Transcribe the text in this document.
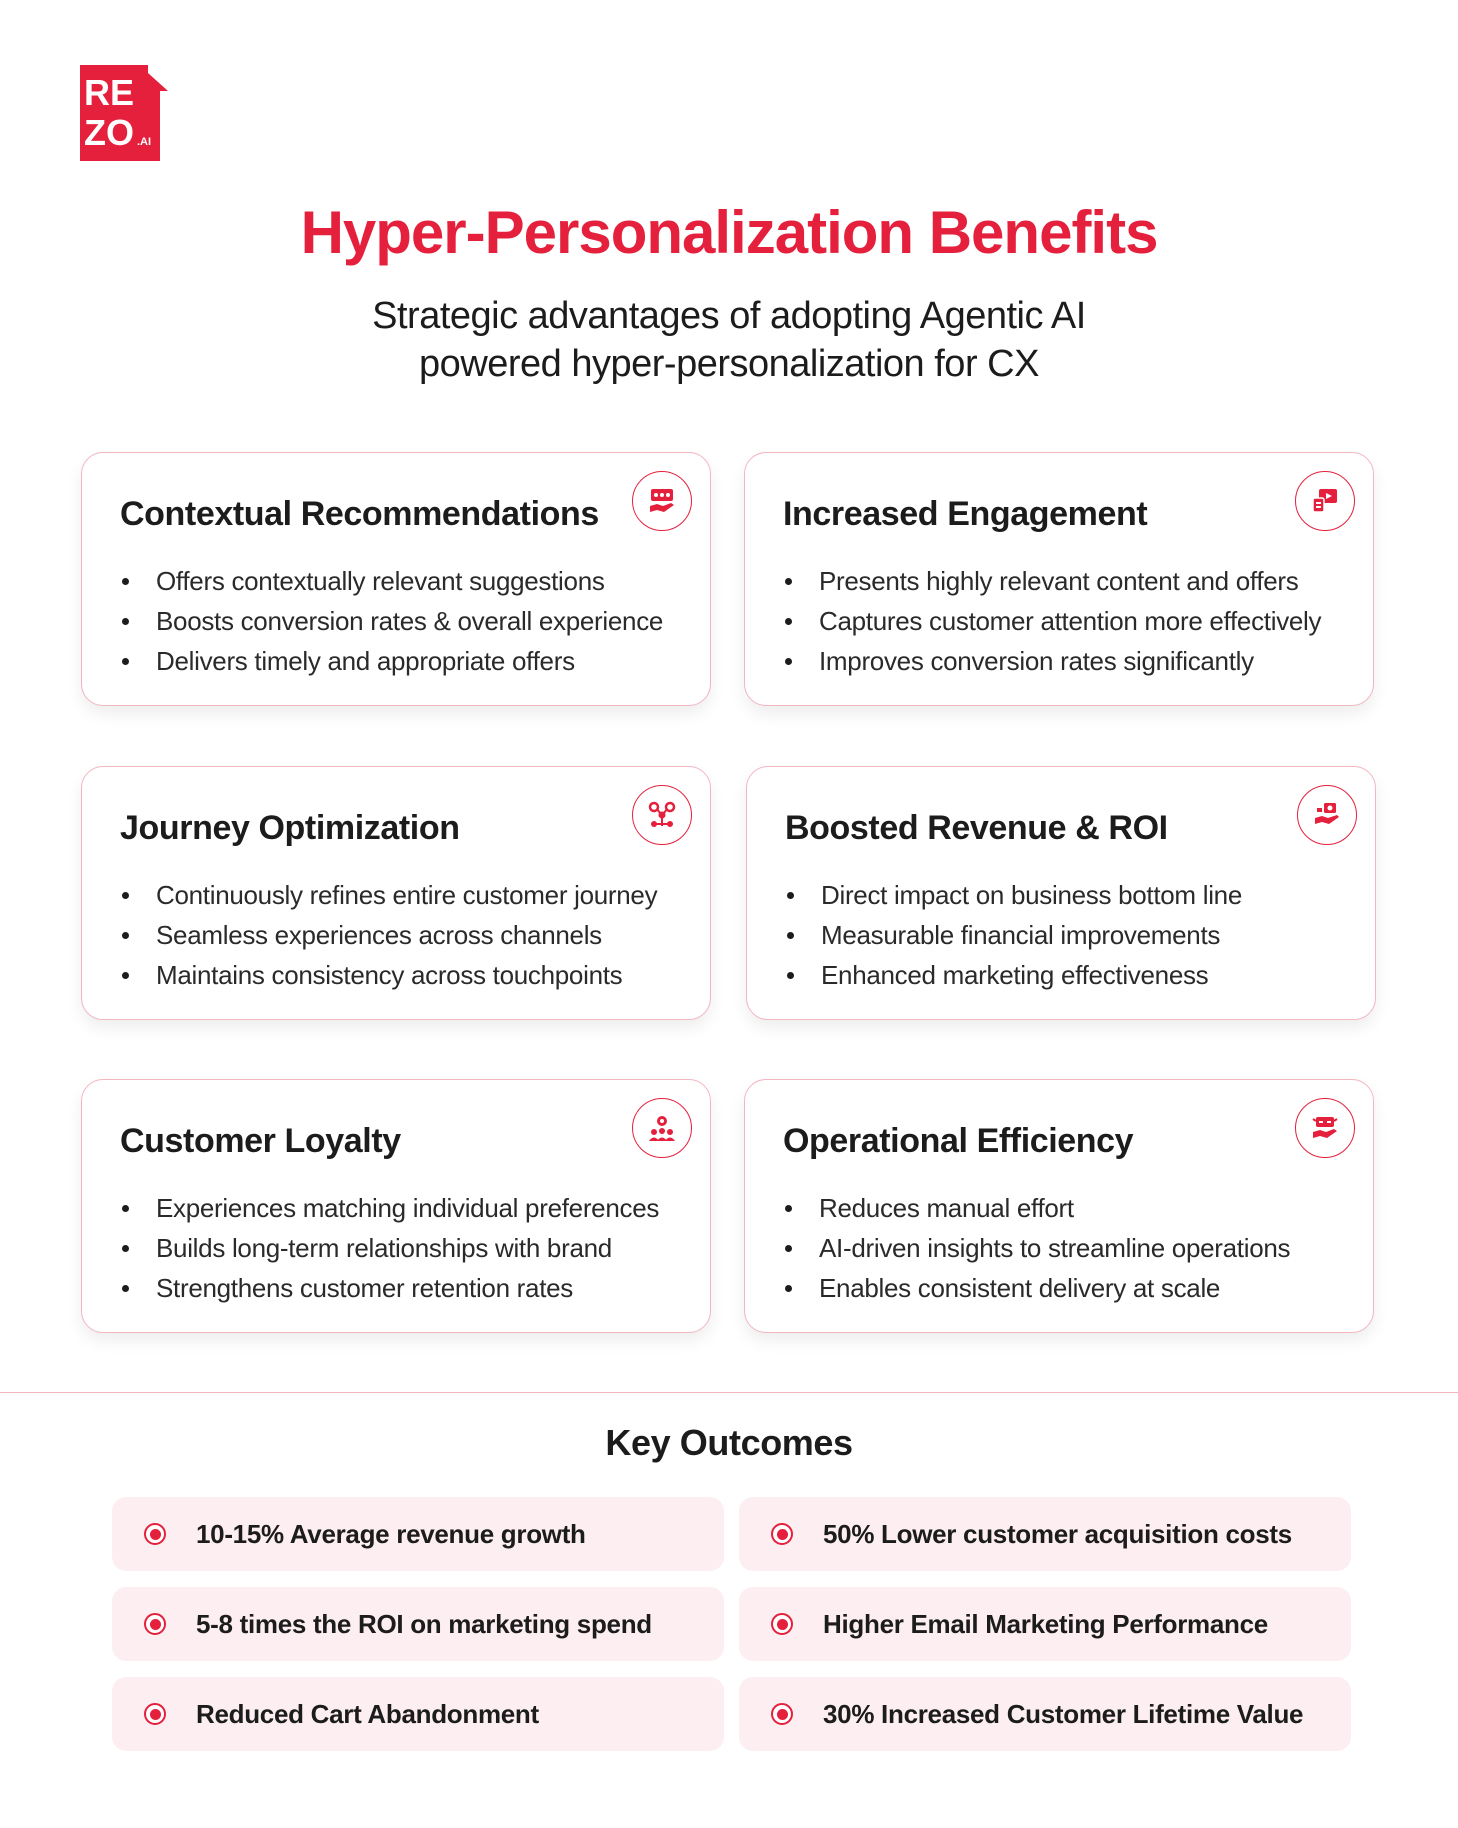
RE
ZO .AI
Hyper-Personalization Benefits
Strategic advantages of adopting Agentic AI
powered hyper-personalization for CX
Contextual Recommendations
Offers contextually relevant suggestions
Boosts conversion rates & overall experience
Delivers timely and appropriate offers
Increased Engagement
Presents highly relevant content and offers
Captures customer attention more effectively
Improves conversion rates significantly
Journey Optimization
Continuously refines entire customer journey
Seamless experiences across channels
Maintains consistency across touchpoints
Boosted Revenue & ROI
Direct impact on business bottom line
Measurable financial improvements
Enhanced marketing effectiveness
Customer Loyalty
Experiences matching individual preferences
Builds long-term relationships with brand
Strengthens customer retention rates
Operational Efficiency
Reduces manual effort
AI-driven insights to streamline operations
Enables consistent delivery at scale
Key Outcomes
10-15% Average revenue growth	50% Lower customer acquisition costs
5-8 times the ROI on marketing spend	Higher Email Marketing Performance
Reduced Cart Abandonment	30% Increased Customer Lifetime Value
